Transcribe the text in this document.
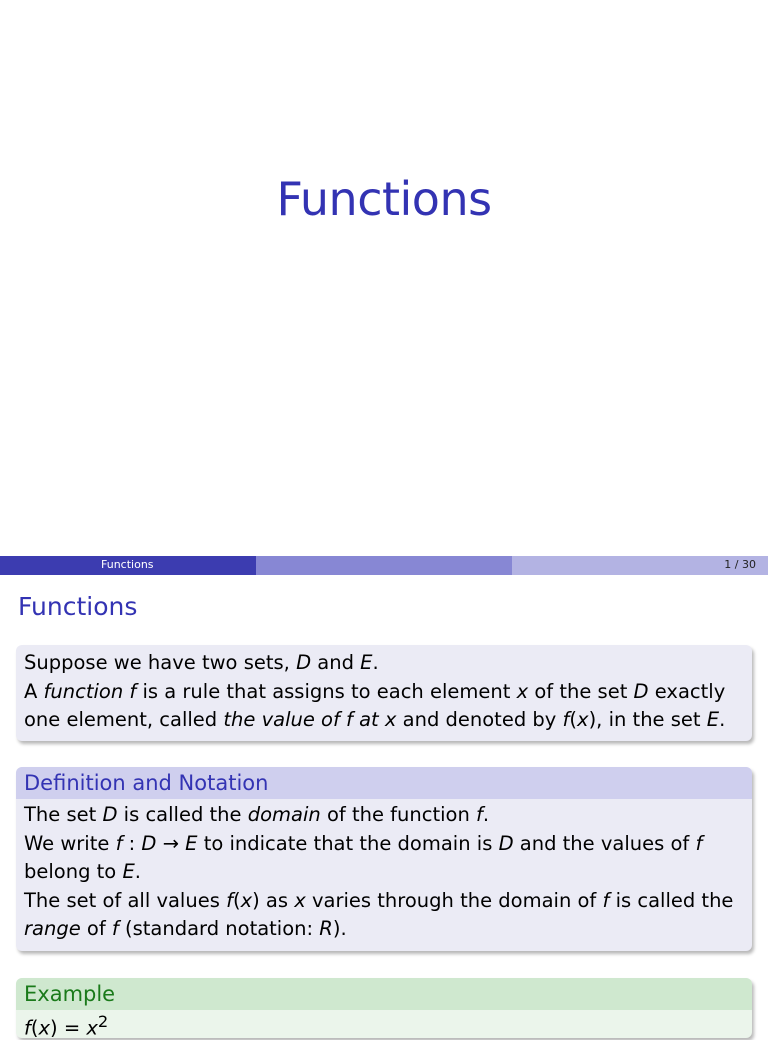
Functions
Functions	1 / 30
Functions
Suppose we have two sets, D and E.
A function f is a rule that assigns to each element x of the set D exactly
one element, called the value of f at x and denoted by f(x), in the set E.
Definition and Notation
The set D is called the domain of the function f.
We write f : D → E to indicate that the domain is D and the values of f
belong to E.
The set of all values f(x) as x varies through the domain of f is called the
range of f (standard notation: R).
Example
$f(x) = x^2$
